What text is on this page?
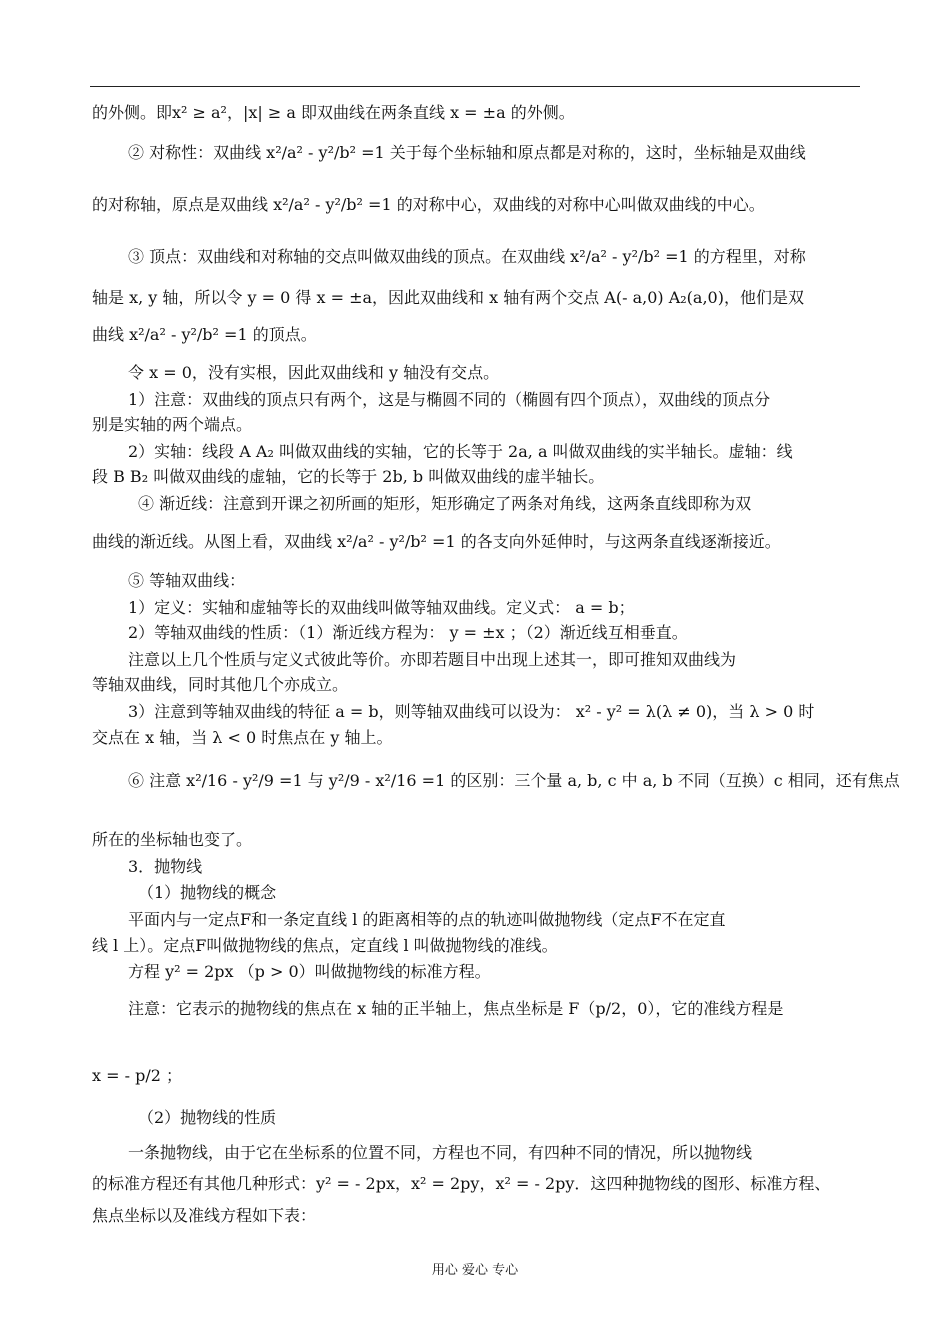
的外侧。即x² ≥ a²，|x| ≥ a 即双曲线在两条直线 x = ±a 的外侧。
② 对称性：双曲线 x²/a² - y²/b² =1 关于每个坐标轴和原点都是对称的，这时，坐标轴是双曲线
的对称轴，原点是双曲线 x²/a² - y²/b² =1 的对称中心，双曲线的对称中心叫做双曲线的中心。
③ 顶点：双曲线和对称轴的交点叫做双曲线的顶点。在双曲线 x²/a² - y²/b² =1 的方程里，对称
轴是 x, y 轴，所以令 y = 0 得 x = ±a，因此双曲线和 x 轴有两个交点 A(- a,0) A₂(a,0)，他们是双
曲线 x²/a² - y²/b² =1 的顶点。
令 x = 0，没有实根，因此双曲线和 y 轴没有交点。
1）注意：双曲线的顶点只有两个，这是与椭圆不同的（椭圆有四个顶点），双曲线的顶点分
别是实轴的两个端点。
2）实轴：线段 A A₂ 叫做双曲线的实轴，它的长等于 2a, a 叫做双曲线的实半轴长。虚轴：线
段 B B₂ 叫做双曲线的虚轴，它的长等于 2b, b 叫做双曲线的虚半轴长。
④ 渐近线：注意到开课之初所画的矩形，矩形确定了两条对角线，这两条直线即称为双
曲线的渐近线。从图上看，双曲线 x²/a² - y²/b² =1 的各支向外延伸时，与这两条直线逐渐接近。
⑤ 等轴双曲线：
1）定义：实轴和虚轴等长的双曲线叫做等轴双曲线。定义式： a = b；
2）等轴双曲线的性质：（1）渐近线方程为： y = ±x ；（2）渐近线互相垂直。
注意以上几个性质与定义式彼此等价。亦即若题目中出现上述其一，即可推知双曲线为
等轴双曲线，同时其他几个亦成立。
3）注意到等轴双曲线的特征 a = b，则等轴双曲线可以设为： x² - y² = λ(λ ≠ 0)，当 λ > 0 时
交点在 x 轴，当 λ < 0 时焦点在 y 轴上。
⑥ 注意 x²/16 - y²/9 =1 与 y²/9 - x²/16 =1 的区别：三个量 a, b, c 中 a, b 不同（互换）c 相同，还有焦点
所在的坐标轴也变了。
3．抛物线
（1）抛物线的概念
平面内与一定点F和一条定直线 l 的距离相等的点的轨迹叫做抛物线（定点F不在定直
线 l 上）。定点F叫做抛物线的焦点，定直线 l 叫做抛物线的准线。
方程 y² = 2px （p > 0）叫做抛物线的标准方程。
注意：它表示的抛物线的焦点在 x 轴的正半轴上，焦点坐标是 F（p/2，0），它的准线方程是
x = - p/2 ；
（2）抛物线的性质
一条抛物线，由于它在坐标系的位置不同，方程也不同，有四种不同的情况，所以抛物线
的标准方程还有其他几种形式：y² = - 2px，x² = 2py，x² = - 2py．这四种抛物线的图形、标准方程、
焦点坐标以及准线方程如下表：
用心 爱心 专心
